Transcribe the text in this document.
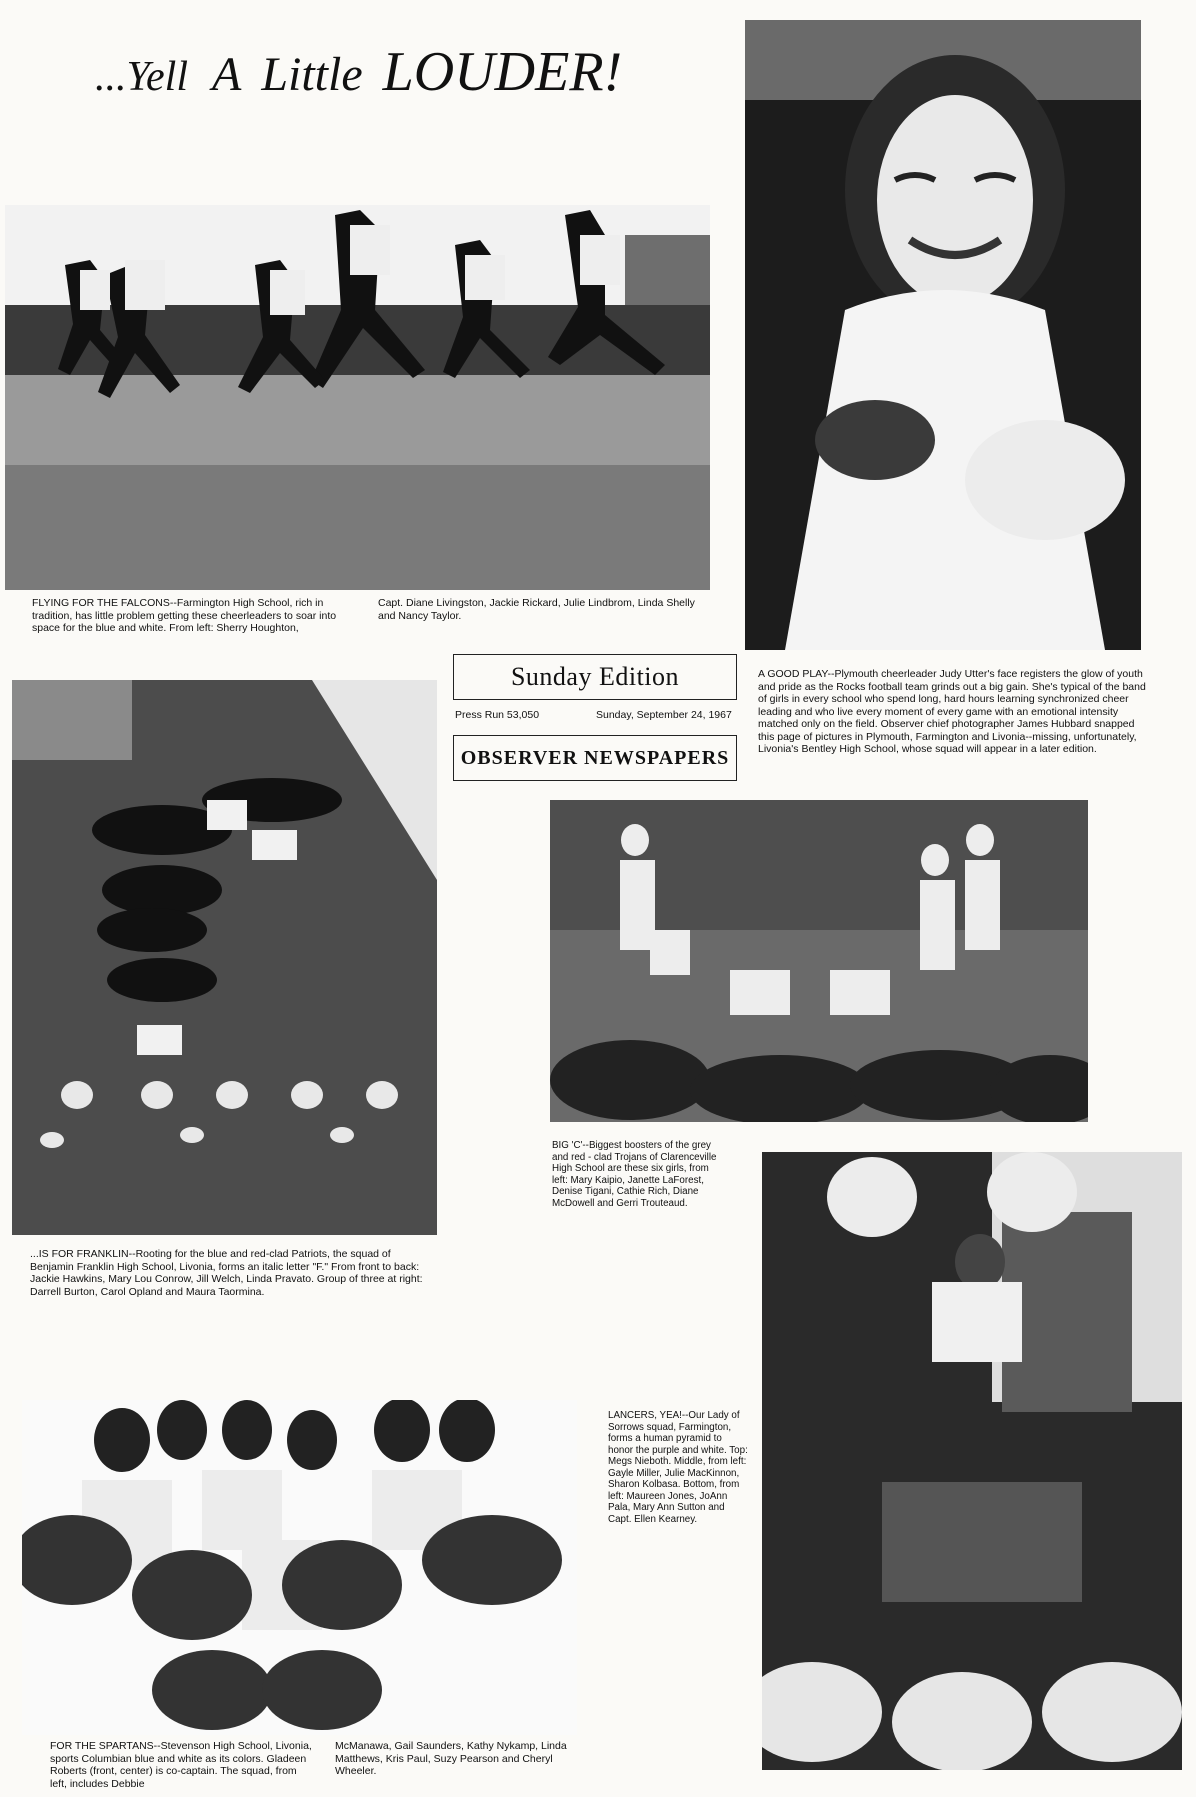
...Yell A Little LOUDER!
FLYING FOR THE FALCONS--Farmington High School, rich in tradition, has little problem getting these cheerleaders to soar into space for the blue and white. From left: Sherry Houghton,
Capt. Diane Livingston, Jackie Rickard, Julie Lindbrom, Linda Shelly and Nancy Taylor.
Sunday Edition
Press Run 53,050	Sunday, September 24, 1967
OBSERVER NEWSPAPERS
A GOOD PLAY--Plymouth cheerleader Judy Utter's face registers the glow of youth and pride as the Rocks football team grinds out a big gain. She's typical of the band of girls in every school who spend long, hard hours learning synchronized cheer leading and who live every moment of every game with an emotional intensity matched only on the field. Observer chief photographer James Hubbard snapped this page of pictures in Plymouth, Farmington and Livonia--missing, unfortunately, Livonia's Bentley High School, whose squad will appear in a later edition.
...IS FOR FRANKLIN--Rooting for the blue and red-clad Patriots, the squad of Benjamin Franklin High School, Livonia, forms an italic letter "F." From front to back: Jackie Hawkins, Mary Lou Conrow, Jill Welch, Linda Pravato. Group of three at right: Darrell Burton, Carol Opland and Maura Taormina.
BIG 'C'--Biggest boosters of the grey and red - clad Trojans of Clarenceville High School are these six girls, from left: Mary Kaipio, Janette LaForest, Denise Tigani, Cathie Rich, Diane McDowell and Gerri Trouteaud.
LANCERS, YEA!--Our Lady of Sorrows squad, Farmington, forms a human pyramid to honor the purple and white. Top: Megs Nieboth. Middle, from left: Gayle Miller, Julie MacKinnon, Sharon Kolbasa. Bottom, from left: Maureen Jones, JoAnn Pala, Mary Ann Sutton and Capt. Ellen Kearney.
FOR THE SPARTANS--Stevenson High School, Livonia, sports Columbian blue and white as its colors. Gladeen Roberts (front, center) is co-captain. The squad, from left, includes Debbie
McManawa, Gail Saunders, Kathy Nykamp, Linda Matthews, Kris Paul, Suzy Pearson and Cheryl Wheeler.
